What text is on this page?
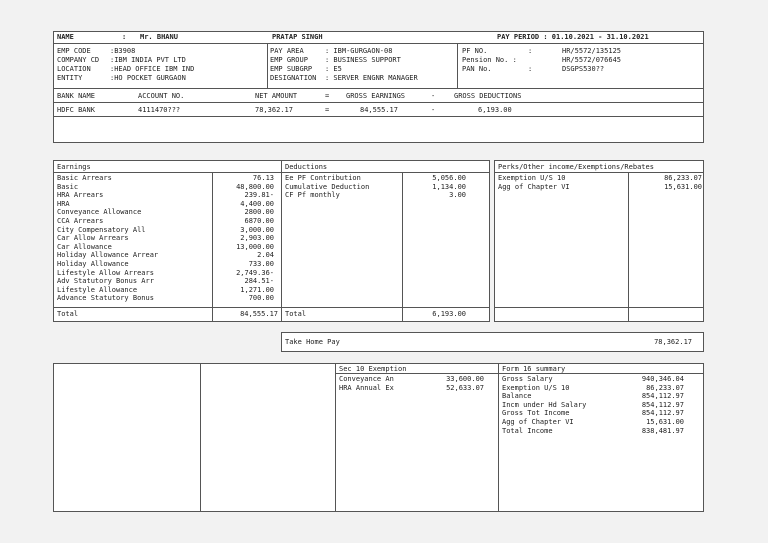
NAME	: Mr. BHANU	PRATAP SINGH	PAY PERIOD : 01.10.2021 - 31.10.2021
EMP CODE	:B3908
COMPANY CD :IBM INDIA PVT LTD
LOCATION	:HEAD OFFICE IBM IND
ENTITY	:HO POCKET GURGAON
PAY AREA	: IBM-GURGAON-08
EMP GROUP : BUSINESS SUPPORT
EMP SUBGRP : E5
DESIGNATION : SERVER ENGNR MANAGER
PF NO.	:	HR/5572/135125
Pension No. :	HR/5572/076645
PAN No.	:	DSGPS530??
BANK NAME	ACCOUNT NO.	NET AMOUNT	= GROSS EARNINGS	-	GROSS DEDUCTIONS
HDFC BANK	4111470???	78,362.17	=	84,555.17	-	6,193.00
Earnings	Deductions
Basic Arrears	76.13
Basic	48,800.00
HRA Arrears	239.81-
HRA	4,400.00
Conveyance Allowance	2800.00
CCA Arrears	6870.00
City Compensatory All	3,000.00
Car Allow Arrears	2,903.00
Car Allowance	13,000.00
Holiday Allowance Arrear	2.04
Holiday Allowance	733.00
Lifestyle Allow Arrears	2,749.36-
Adv Statutory Bonus Arr	284.51-
Lifestyle Allowance	1,271.00
Advance Statutory Bonus	700.00
Ee PF Contribution	5,056.00
Cumulative Deduction	1,134.00
CF Pf monthly	3.00
Total	84,555.17 Total	6,193.00
Perks/Other income/Exemptions/Rebates
Exemption U/S 10	86,233.07
Agg of Chapter VI	15,631.00
Take Home Pay	78,362.17
Sec 10 Exemption	Form 16 summary
Conveyance An	33,600.00
HRA Annual Ex	52,633.07
Gross Salary	940,346.04
Exemption U/S 10	86,233.07
Balance	854,112.97
Incm under Hd Salary	854,112.97
Gross Tot Income	854,112.97
Agg of Chapter VI	15,631.00
Total Income	838,481.97
